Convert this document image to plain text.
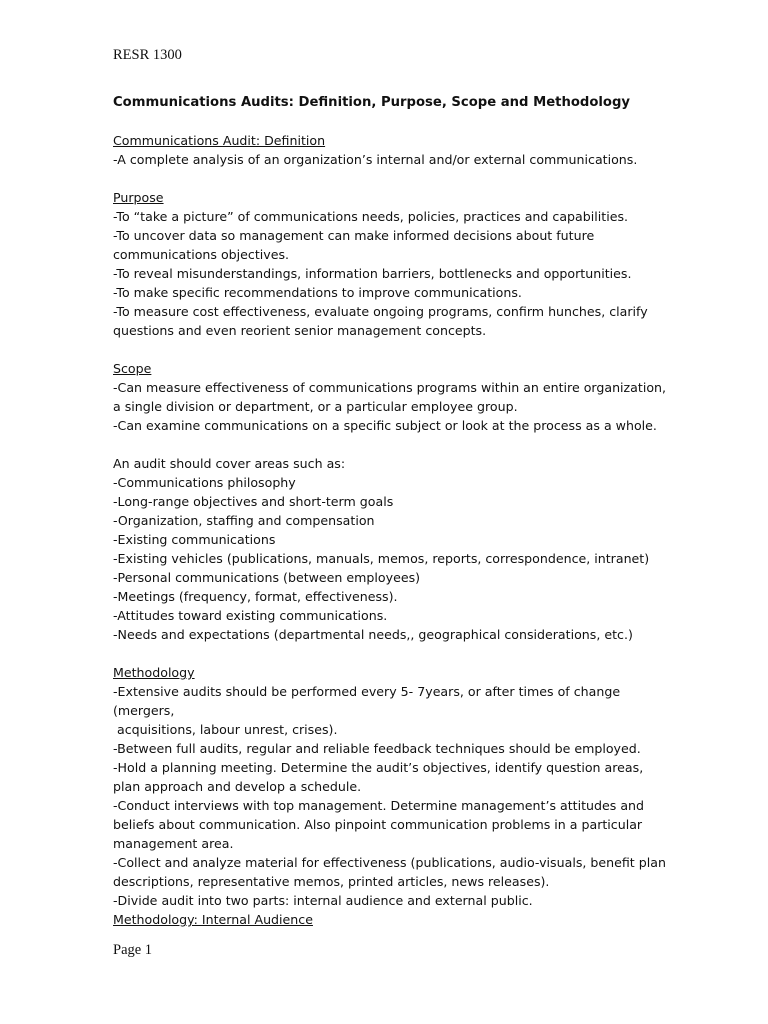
RESR 1300
Communications Audits: Definition, Purpose, Scope and Methodology
Communications Audit: Definition
-A complete analysis of an organization’s internal and/or external communications.
Purpose
-To “take a picture” of communications needs, policies, practices and capabilities.
-To uncover data so management can make informed decisions about future communications objectives.
-To reveal misunderstandings, information barriers, bottlenecks and opportunities.
-To make specific recommendations to improve communications.
-To measure cost effectiveness, evaluate ongoing programs, confirm hunches, clarify questions and even reorient senior management concepts.
Scope
-Can measure effectiveness of communications programs within an entire organization, a single division or department, or a particular employee group.
-Can examine communications on a specific subject or look at the process as a whole.
An audit should cover areas such as:
-Communications philosophy
-Long-range objectives and short-term goals
-Organization, staffing and compensation
-Existing communications
-Existing vehicles (publications, manuals, memos, reports, correspondence, intranet)
-Personal communications (between employees)
-Meetings (frequency, format, effectiveness).
-Attitudes toward existing communications.
-Needs and expectations (departmental needs,, geographical considerations, etc.)
Methodology
-Extensive audits should be performed every 5- 7years, or after times of change (mergers,
acquisitions, labour unrest, crises).
-Between full audits, regular and reliable feedback techniques should be employed.
-Hold a planning meeting. Determine the audit’s objectives, identify question areas, plan approach and develop a schedule.
-Conduct interviews with top management. Determine management’s attitudes and beliefs about communication. Also pinpoint communication problems in a particular management area.
-Collect and analyze material for effectiveness (publications, audio-visuals, benefit plan descriptions, representative memos, printed articles, news releases).
-Divide audit into two parts: internal audience and external public.
Methodology: Internal Audience
Page 1
